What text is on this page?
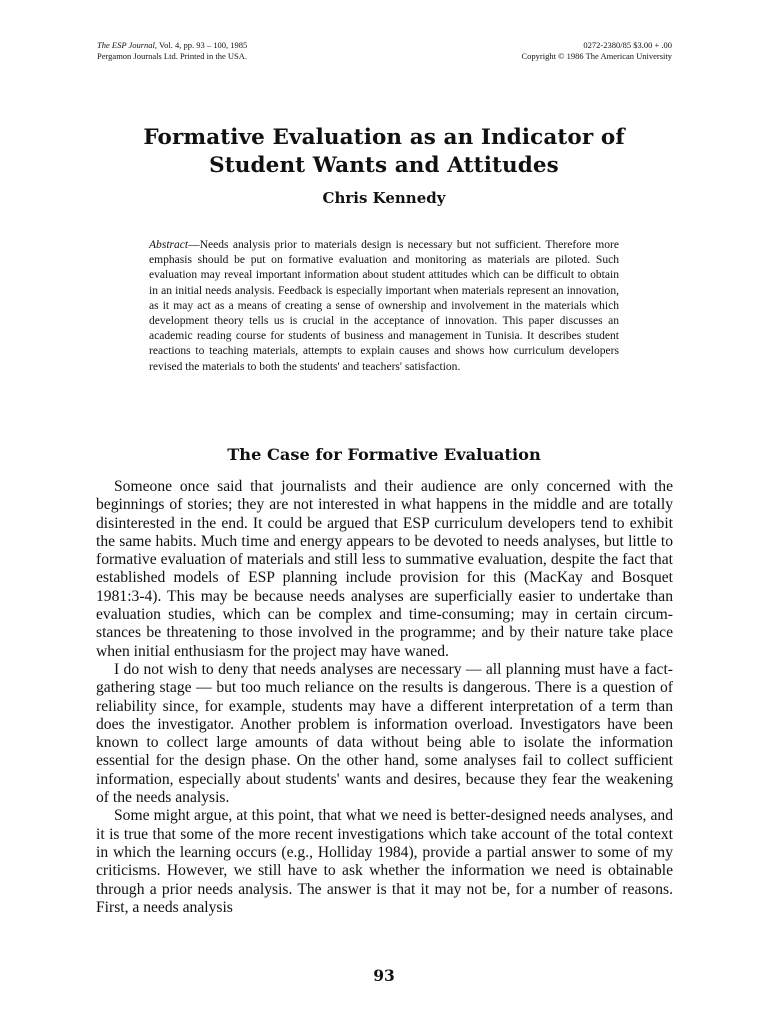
The ESP Journal, Vol. 4, pp. 93 – 100, 1985
Pergamon Journals Ltd. Printed in the USA.
0272-2380/85 $3.00 + .00
Copyright © 1986 The American University
Formative Evaluation as an Indicator of
Student Wants and Attitudes
Chris Kennedy
Abstract—Needs analysis prior to materials design is necessary but not sufficient. Therefore more emphasis should be put on formative evaluation and monitoring as materials are piloted. Such evaluation may reveal important information about student attitudes which can be difficult to obtain in an initial needs analysis. Feedback is especially important when materials represent an innovation, as it may act as a means of creating a sense of ownership and involvement in the materials which development theory tells us is crucial in the acceptance of innovation. This paper discusses an academic reading course for students of business and management in Tunisia. It describes student reactions to teaching materials, attempts to explain causes and shows how curriculum developers revised the materials to both the students' and teachers' satisfaction.
The Case for Formative Evaluation

Someone once said that journalists and their audience are only concerned with the beginnings of stories; they are not interested in what happens in the middle and are totally disinterested in the end. It could be argued that ESP curriculum developers tend to exhibit the same habits. Much time and energy appears to be devoted to needs analyses, but little to formative evaluation of materials and still less to summative evaluation, despite the fact that established models of ESP planning include provision for this (MacKay and Bosquet 1981:3-4). This may be because needs analyses are superficially easier to undertake than evaluation studies, which can be complex and time-consuming; may in certain circumstances be threatening to those involved in the programme; and by their nature take place when initial enthusiasm for the project may have waned.

I do not wish to deny that needs analyses are necessary — all planning must have a fact-gathering stage — but too much reliance on the results is dangerous. There is a question of reliability since, for example, students may have a different interpretation of a term than does the investigator. Another problem is information overload. Investigators have been known to collect large amounts of data without being able to isolate the information essential for the design phase. On the other hand, some analyses fail to collect sufficient information, especially about students' wants and desires, because they fear the weakening of the needs analysis.

Some might argue, at this point, that what we need is better-designed needs analyses, and it is true that some of the more recent investigations which take account of the total context in which the learning occurs (e.g., Holliday 1984), provide a partial answer to some of my criticisms. However, we still have to ask whether the information we need is obtainable through a prior needs analysis. The answer is that it may not be, for a number of reasons. First, a needs analysis

93
